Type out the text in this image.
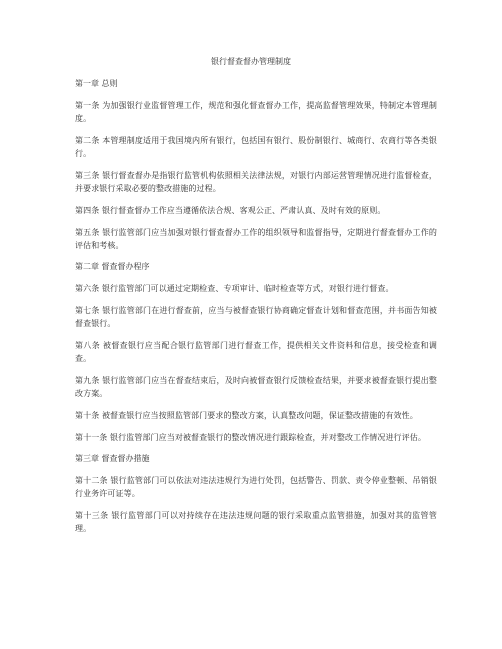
银行督查督办管理制度
第一章 总则

第一条 为加强银行业监督管理工作，规范和强化督查督办工作，提高监督管理效果，特制定本管理制度。

第二条 本管理制度适用于我国境内所有银行，包括国有银行、股份制银行、城商行、农商行等各类银行。

第三条 银行督查督办是指银行监管机构依照相关法律法规，对银行内部运营管理情况进行监督检查，并要求银行采取必要的整改措施的过程。

第四条 银行督查督办工作应当遵循依法合规、客观公正、严肃认真、及时有效的原则。

第五条 银行监管部门应当加强对银行督查督办工作的组织领导和监督指导，定期进行督查督办工作的评估和考核。

第二章 督查督办程序

第六条 银行监管部门可以通过定期检查、专项审计、临时检查等方式，对银行进行督查。

第七条 银行监管部门在进行督查前，应当与被督查银行协商确定督查计划和督查范围，并书面告知被督查银行。

第八条 被督查银行应当配合银行监管部门进行督查工作，提供相关文件资料和信息，接受检查和调查。

第九条 银行监管部门应当在督查结束后，及时向被督查银行反馈检查结果，并要求被督查银行提出整改方案。

第十条 被督查银行应当按照监管部门要求的整改方案，认真整改问题，保证整改措施的有效性。

第十一条 银行监管部门应当对被督查银行的整改情况进行跟踪检查，并对整改工作情况进行评估。

第三章 督查督办措施

第十二条 银行监管部门可以依法对违法违规行为进行处罚，包括警告、罚款、责令停业整顿、吊销银行业务许可证等。

第十三条 银行监管部门可以对持续存在违法违规问题的银行采取重点监管措施，加强对其的监管管理。
